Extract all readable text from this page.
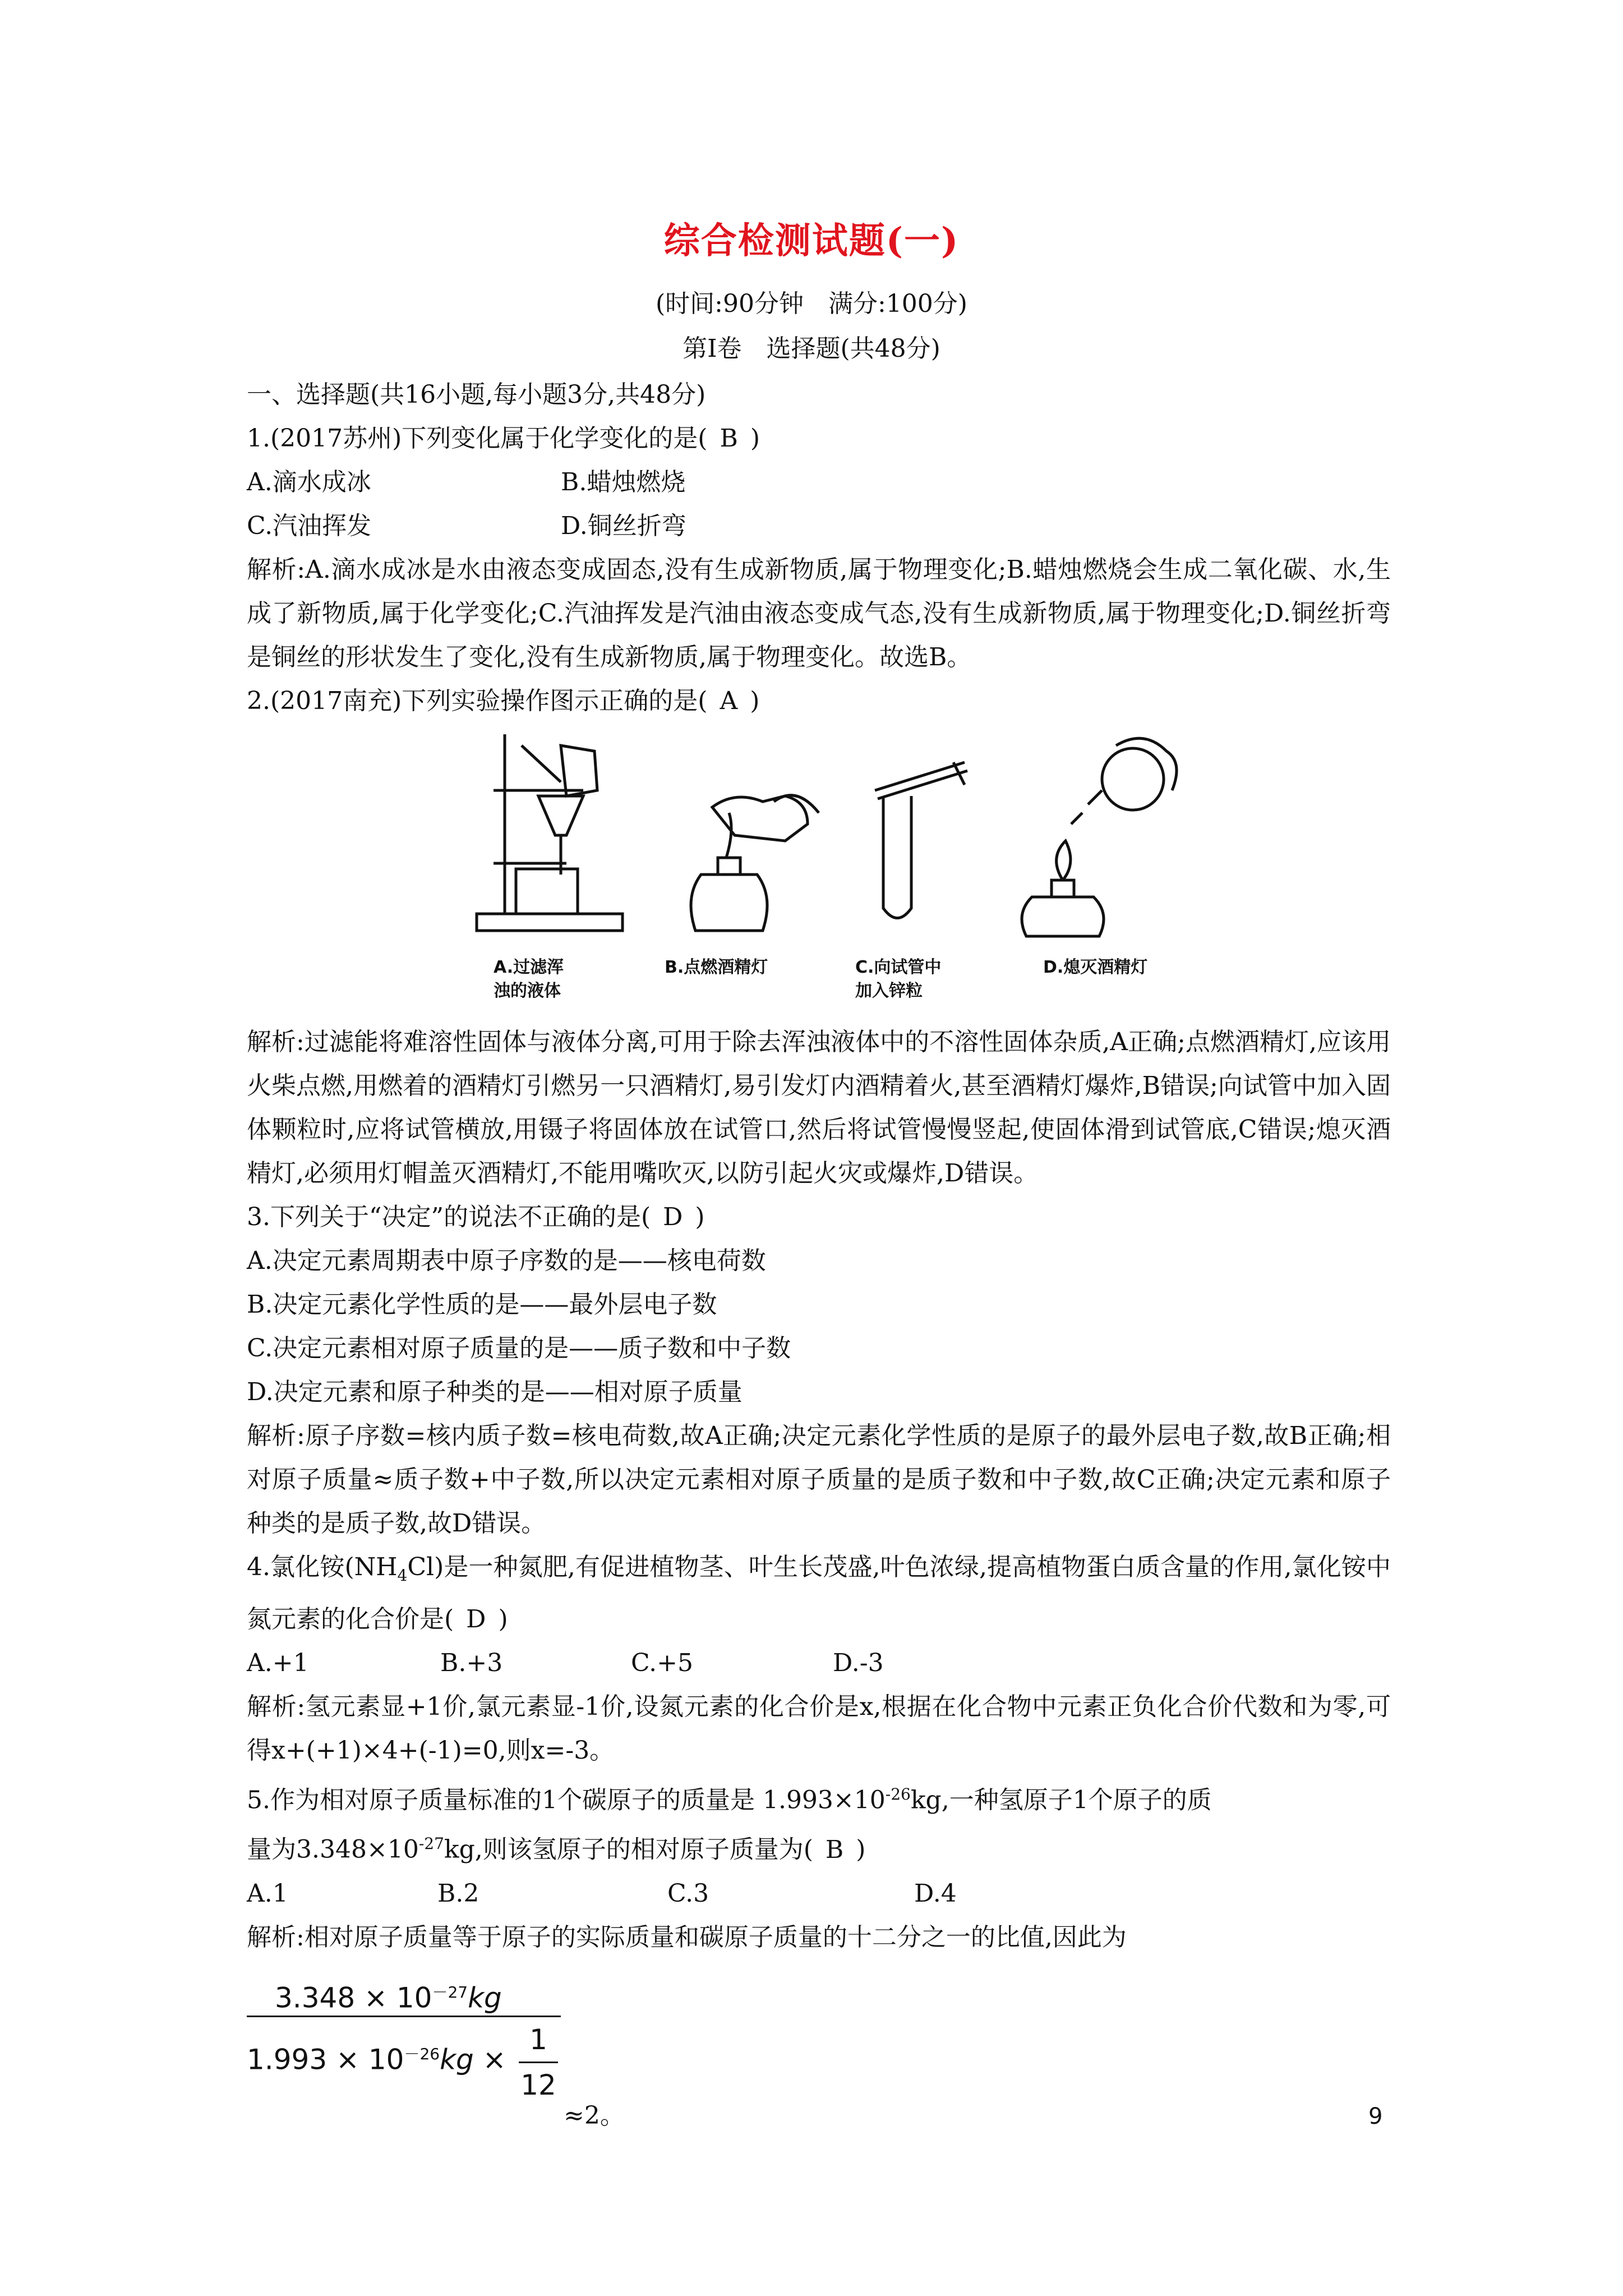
综合检测试题(一)
(时间:90分钟　满分:100分)
第Ⅰ卷　选择题(共48分)
一、选择题(共16小题,每小题3分,共48分)
1.(2017苏州)下列变化属于化学变化的是( B )
A.滴水成冰	B.蜡烛燃烧
C.汽油挥发	D.铜丝折弯
解析:A.滴水成冰是水由液态变成固态,没有生成新物质,属于物理变化;B.蜡烛燃烧会生成二氧化碳、水,生成了新物质,属于化学变化;C.汽油挥发是汽油由液态变成气态,没有生成新物质,属于物理变化;D.铜丝折弯是铜丝的形状发生了变化,没有生成新物质,属于物理变化。故选B。
2.(2017南充)下列实验操作图示正确的是( A )
A.过滤浑
浊的液体
B.点燃酒精灯	C.向试管中
加入锌粒
D.熄灭酒精灯
解析:过滤能将难溶性固体与液体分离,可用于除去浑浊液体中的不溶性固体杂质,A正确;点燃酒精灯,应该用火柴点燃,用燃着的酒精灯引燃另一只酒精灯,易引发灯内酒精着火,甚至酒精灯爆炸,B错误;向试管中加入固体颗粒时,应将试管横放,用镊子将固体放在试管口,然后将试管慢慢竖起,使固体滑到试管底,C错误;熄灭酒精灯,必须用灯帽盖灭酒精灯,不能用嘴吹灭,以防引起火灾或爆炸,D错误。
3.下列关于“决定”的说法不正确的是( D )
A.决定元素周期表中原子序数的是——核电荷数
B.决定元素化学性质的是——最外层电子数
C.决定元素相对原子质量的是——质子数和中子数
D.决定元素和原子种类的是——相对原子质量
解析:原子序数=核内质子数=核电荷数,故A正确;决定元素化学性质的是原子的最外层电子数,故B正确;相对原子质量≈质子数+中子数,所以决定元素相对原子质量的是质子数和中子数,故C正确;决定元素和原子种类的是质子数,故D错误。
4.氯化铵$(NH_4Cl)$是一种氮肥,有促进植物茎、叶生长茂盛,叶色浓绿,提高植物蛋白质含量的作用,氯化铵中氮元素的化合价是( D )
A.+1	B.+3	C.+5	D.-3
解析:氢元素显+1价,氯元素显-1价,设氮元素的化合价是x,根据在化合物中元素正负化合价代数和为零,可得x+(+1)×4+(-1)=0,则x=-3。
5.作为相对原子质量标准的1个碳原子的质量是 $1.993\times 10^{-26}kg$,一种氢原子1个原子的质
量为$3.348\times 10^{-27}kg$,则该氢原子的相对原子质量为( B )
A.1	B.2	C.3	D.4
解析:相对原子质量等于原子的实际质量和碳原子质量的十二分之一的比值,因此为
$3.348 \times 10^{-27}kg$
$1.993 \times 10^{-26}kg$ ×
1
12
≈2。	9
